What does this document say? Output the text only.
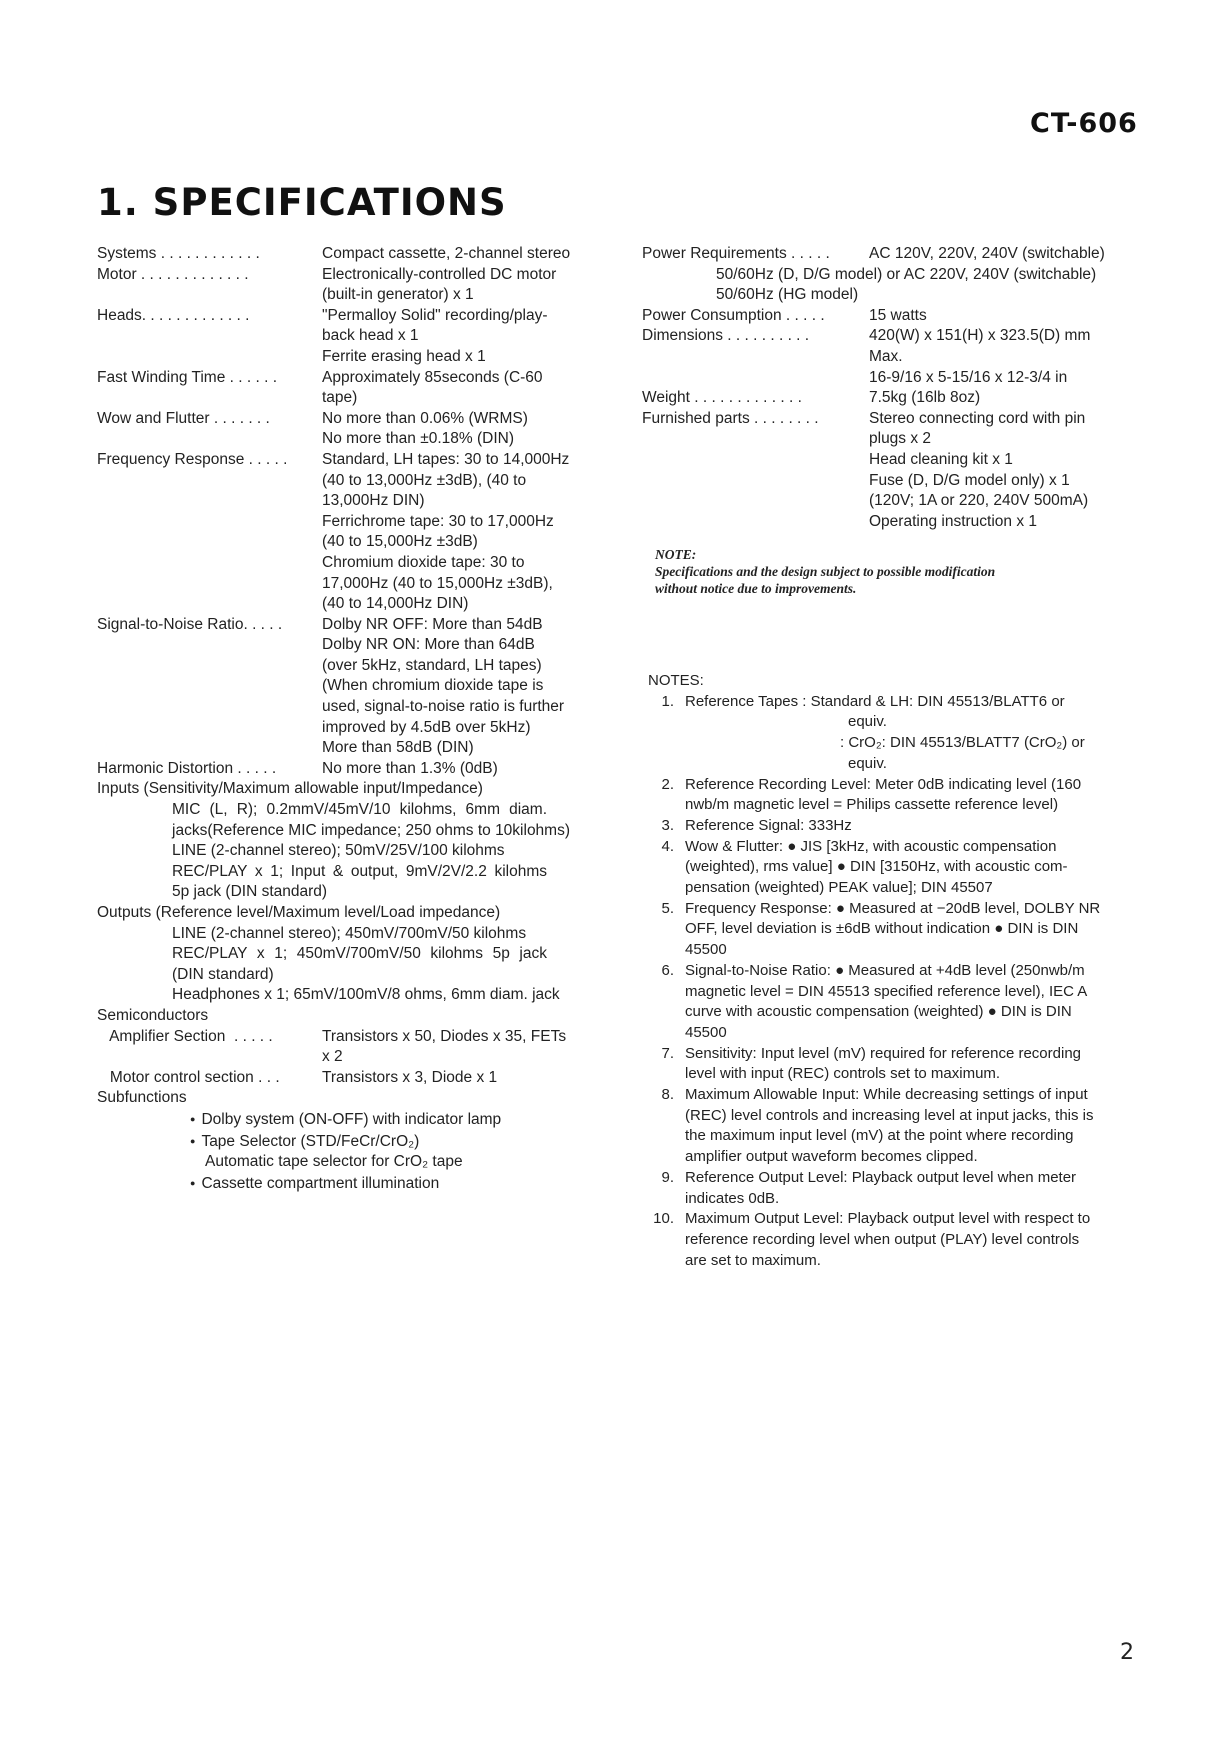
CT-606
1. SPECIFICATIONS
Systems . . . . . . . . . . . .	Compact cassette, 2-channel stereo
Motor . . . . . . . . . . . . .	Electronically-controlled DC motor
(built-in generator) x 1
Heads. . . . . . . . . . . . .	"Permalloy Solid" recording/play-
back head x 1
Ferrite erasing head x 1
Fast Winding Time . . . . . .	Approximately 85seconds (C-60
tape)
Wow and Flutter . . . . . . .	No more than 0.06% (WRMS)
No more than ±0.18% (DIN)
Frequency Response . . . . .	Standard, LH tapes: 30 to 14,000Hz
(40 to 13,000Hz ±3dB), (40 to
13,000Hz DIN)
Ferrichrome tape: 30 to 17,000Hz
(40 to 15,000Hz ±3dB)
Chromium dioxide tape: 30 to
17,000Hz (40 to 15,000Hz ±3dB),
(40 to 14,000Hz DIN)
Signal-to-Noise Ratio. . . . .	Dolby NR OFF: More than 54dB
Dolby NR ON: More than 64dB
(over 5kHz, standard, LH tapes)
(When chromium dioxide tape is
used, signal-to-noise ratio is further
improved by 4.5dB over 5kHz)
More than 58dB (DIN)
Harmonic Distortion . . . . .	No more than 1.3% (0dB)
Inputs (Sensitivity/Maximum allowable input/Impedance)
MIC (L, R); 0.2mmV/45mV/10 kilohms, 6mm diam.
jacks(Reference MIC impedance; 250 ohms to 10kilohms)
LINE (2-channel stereo); 50mV/25V/100 kilohms
REC/PLAY x 1; Input & output, 9mV/2V/2.2 kilohms
5p jack (DIN standard)
Outputs (Reference level/Maximum level/Load impedance)
LINE (2-channel stereo); 450mV/700mV/50 kilohms
REC/PLAY x 1; 450mV/700mV/50 kilohms 5p jack
(DIN standard)
Headphones x 1; 65mV/100mV/8 ohms, 6mm diam. jack
Semiconductors
Amplifier Section  . . . . .	Transistors x 50, Diodes x 35, FETs
x 2
Motor control section . . .	Transistors x 3, Diode x 1
Subfunctions
● Dolby system (ON-OFF) with indicator lamp
● Tape Selector (STD/FeCr/CrO₂)
Automatic tape selector for CrO₂ tape
● Cassette compartment illumination
Power Requirements . . . . .	AC 120V, 220V, 240V (switchable)
50/60Hz (D, D/G model) or AC 220V, 240V (switchable)
50/60Hz (HG model)
Power Consumption . . . . .	15 watts
Dimensions . . . . . . . . . .	420(W) x 151(H) x 323.5(D) mm
Max.
16-9/16 x 5-15/16 x 12-3/4 in
Weight . . . . . . . . . . . . .	7.5kg (16lb 8oz)
Furnished parts . . . . . . . .	Stereo connecting cord with pin
plugs x 2
Head cleaning kit x 1
Fuse (D, D/G model only) x 1
(120V; 1A or 220, 240V 500mA)
Operating instruction x 1
NOTE:
Specifications and the design subject to possible modification
without notice due to improvements.
NOTES:
1. Reference Tapes : Standard & LH: DIN 45513/BLATT6 or
equiv.
: CrO₂: DIN 45513/BLATT7 (CrO₂) or
equiv.
2. Reference Recording Level: Meter 0dB indicating level (160
nwb/m magnetic level = Philips cassette reference level)
3. Reference Signal: 333Hz
4. Wow & Flutter: ● JIS [3kHz, with acoustic compensation
(weighted), rms value] ● DIN [3150Hz, with acoustic com-
pensation (weighted) PEAK value]; DIN 45507
5. Frequency Response: ● Measured at −20dB level, DOLBY NR
OFF, level deviation is ±6dB without indication ● DIN is DIN
45500
6. Signal-to-Noise Ratio: ● Measured at +4dB level (250nwb/m
magnetic level = DIN 45513 specified reference level), IEC A
curve with acoustic compensation (weighted) ● DIN is DIN
45500
7. Sensitivity: Input level (mV) required for reference recording
level with input (REC) controls set to maximum.
8. Maximum Allowable Input: While decreasing settings of input
(REC) level controls and increasing level at input jacks, this is
the maximum input level (mV) at the point where recording
amplifier output waveform becomes clipped.
9. Reference Output Level: Playback output level when meter
indicates 0dB.
10. Maximum Output Level: Playback output level with respect to
reference recording level when output (PLAY) level controls
are set to maximum.
2
